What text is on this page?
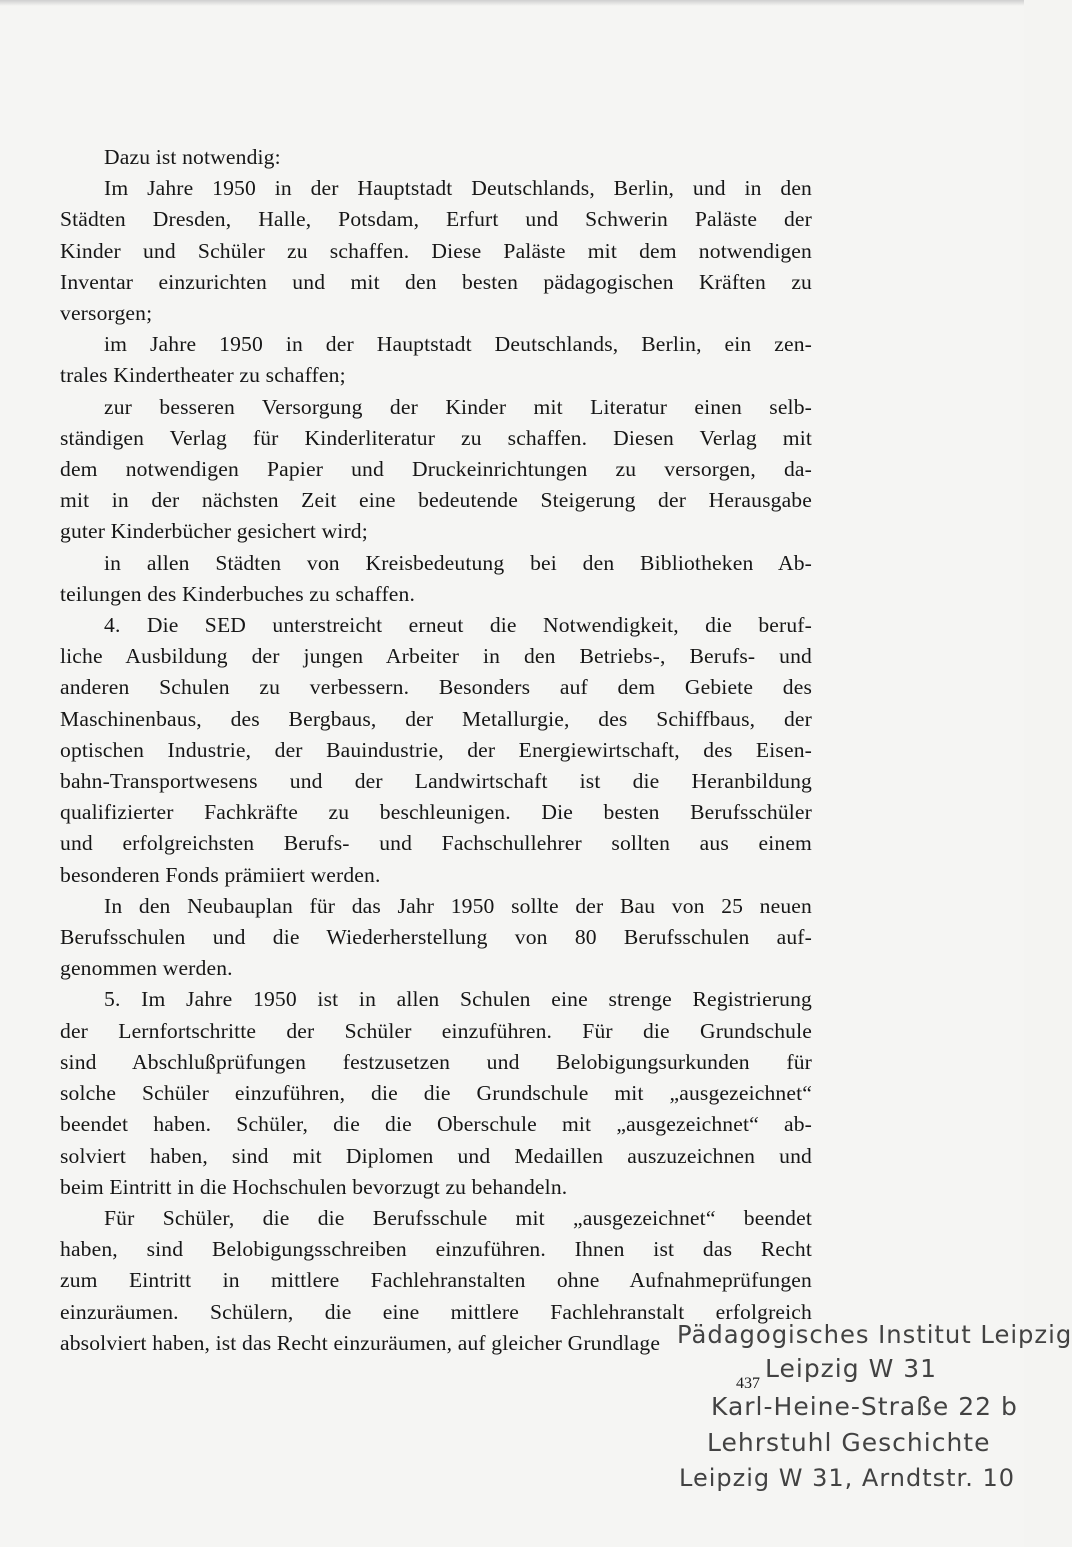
Dazu ist notwendig:

Im Jahre 1950 in der Hauptstadt Deutschlands, Berlin, und in den
Städten Dresden, Halle, Potsdam, Erfurt und Schwerin Paläste der
Kinder und Schüler zu schaffen. Diese Paläste mit dem notwendigen
Inventar einzurichten und mit den besten pädagogischen Kräften zu
versorgen;

im Jahre 1950 in der Hauptstadt Deutschlands, Berlin, ein zen-
trales Kindertheater zu schaffen;

zur besseren Versorgung der Kinder mit Literatur einen selb-
ständigen Verlag für Kinderliteratur zu schaffen. Diesen Verlag mit
dem notwendigen Papier und Druckeinrichtungen zu versorgen, da-
mit in der nächsten Zeit eine bedeutende Steigerung der Herausgabe
guter Kinderbücher gesichert wird;

in allen Städten von Kreisbedeutung bei den Bibliotheken Ab-
teilungen des Kinderbuches zu schaffen.

4. Die SED unterstreicht erneut die Notwendigkeit, die beruf-
liche Ausbildung der jungen Arbeiter in den Betriebs-, Berufs- und
anderen Schulen zu verbessern. Besonders auf dem Gebiete des
Maschinenbaus, des Bergbaus, der Metallurgie, des Schiffbaus, der
optischen Industrie, der Bauindustrie, der Energiewirtschaft, des Eisen-
bahn-Transportwesens und der Landwirtschaft ist die Heranbildung
qualifizierter Fachkräfte zu beschleunigen. Die besten Berufsschüler
und erfolgreichsten Berufs- und Fachschullehrer sollten aus einem
besonderen Fonds prämiiert werden.

In den Neubauplan für das Jahr 1950 sollte der Bau von 25 neuen
Berufsschulen und die Wiederherstellung von 80 Berufsschulen auf-
genommen werden.

5. Im Jahre 1950 ist in allen Schulen eine strenge Registrierung
der Lernfortschritte der Schüler einzuführen. Für die Grundschule
sind Abschlußprüfungen festzusetzen und Belobigungsurkunden für
solche Schüler einzuführen, die die Grundschule mit „ausgezeichnet“
beendet haben. Schüler, die die Oberschule mit „ausgezeichnet“ ab-
solviert haben, sind mit Diplomen und Medaillen auszuzeichnen und
beim Eintritt in die Hochschulen bevorzugt zu behandeln.

Für Schüler, die die Berufsschule mit „ausgezeichnet“ beendet
haben, sind Belobigungsschreiben einzuführen. Ihnen ist das Recht
zum Eintritt in mittlere Fachlehranstalten ohne Aufnahmeprüfungen
einzuräumen. Schülern, die eine mittlere Fachlehranstalt erfolgreich
absolviert haben, ist das Recht einzuräumen, auf gleicher Grundlage Pädagogisches Institut Leipzig
Leipzig W 31
Karl-Heine-Straße 22 b
Lehrstuhl Geschichte
Leipzig W 31, Arndtstr. 10
437
